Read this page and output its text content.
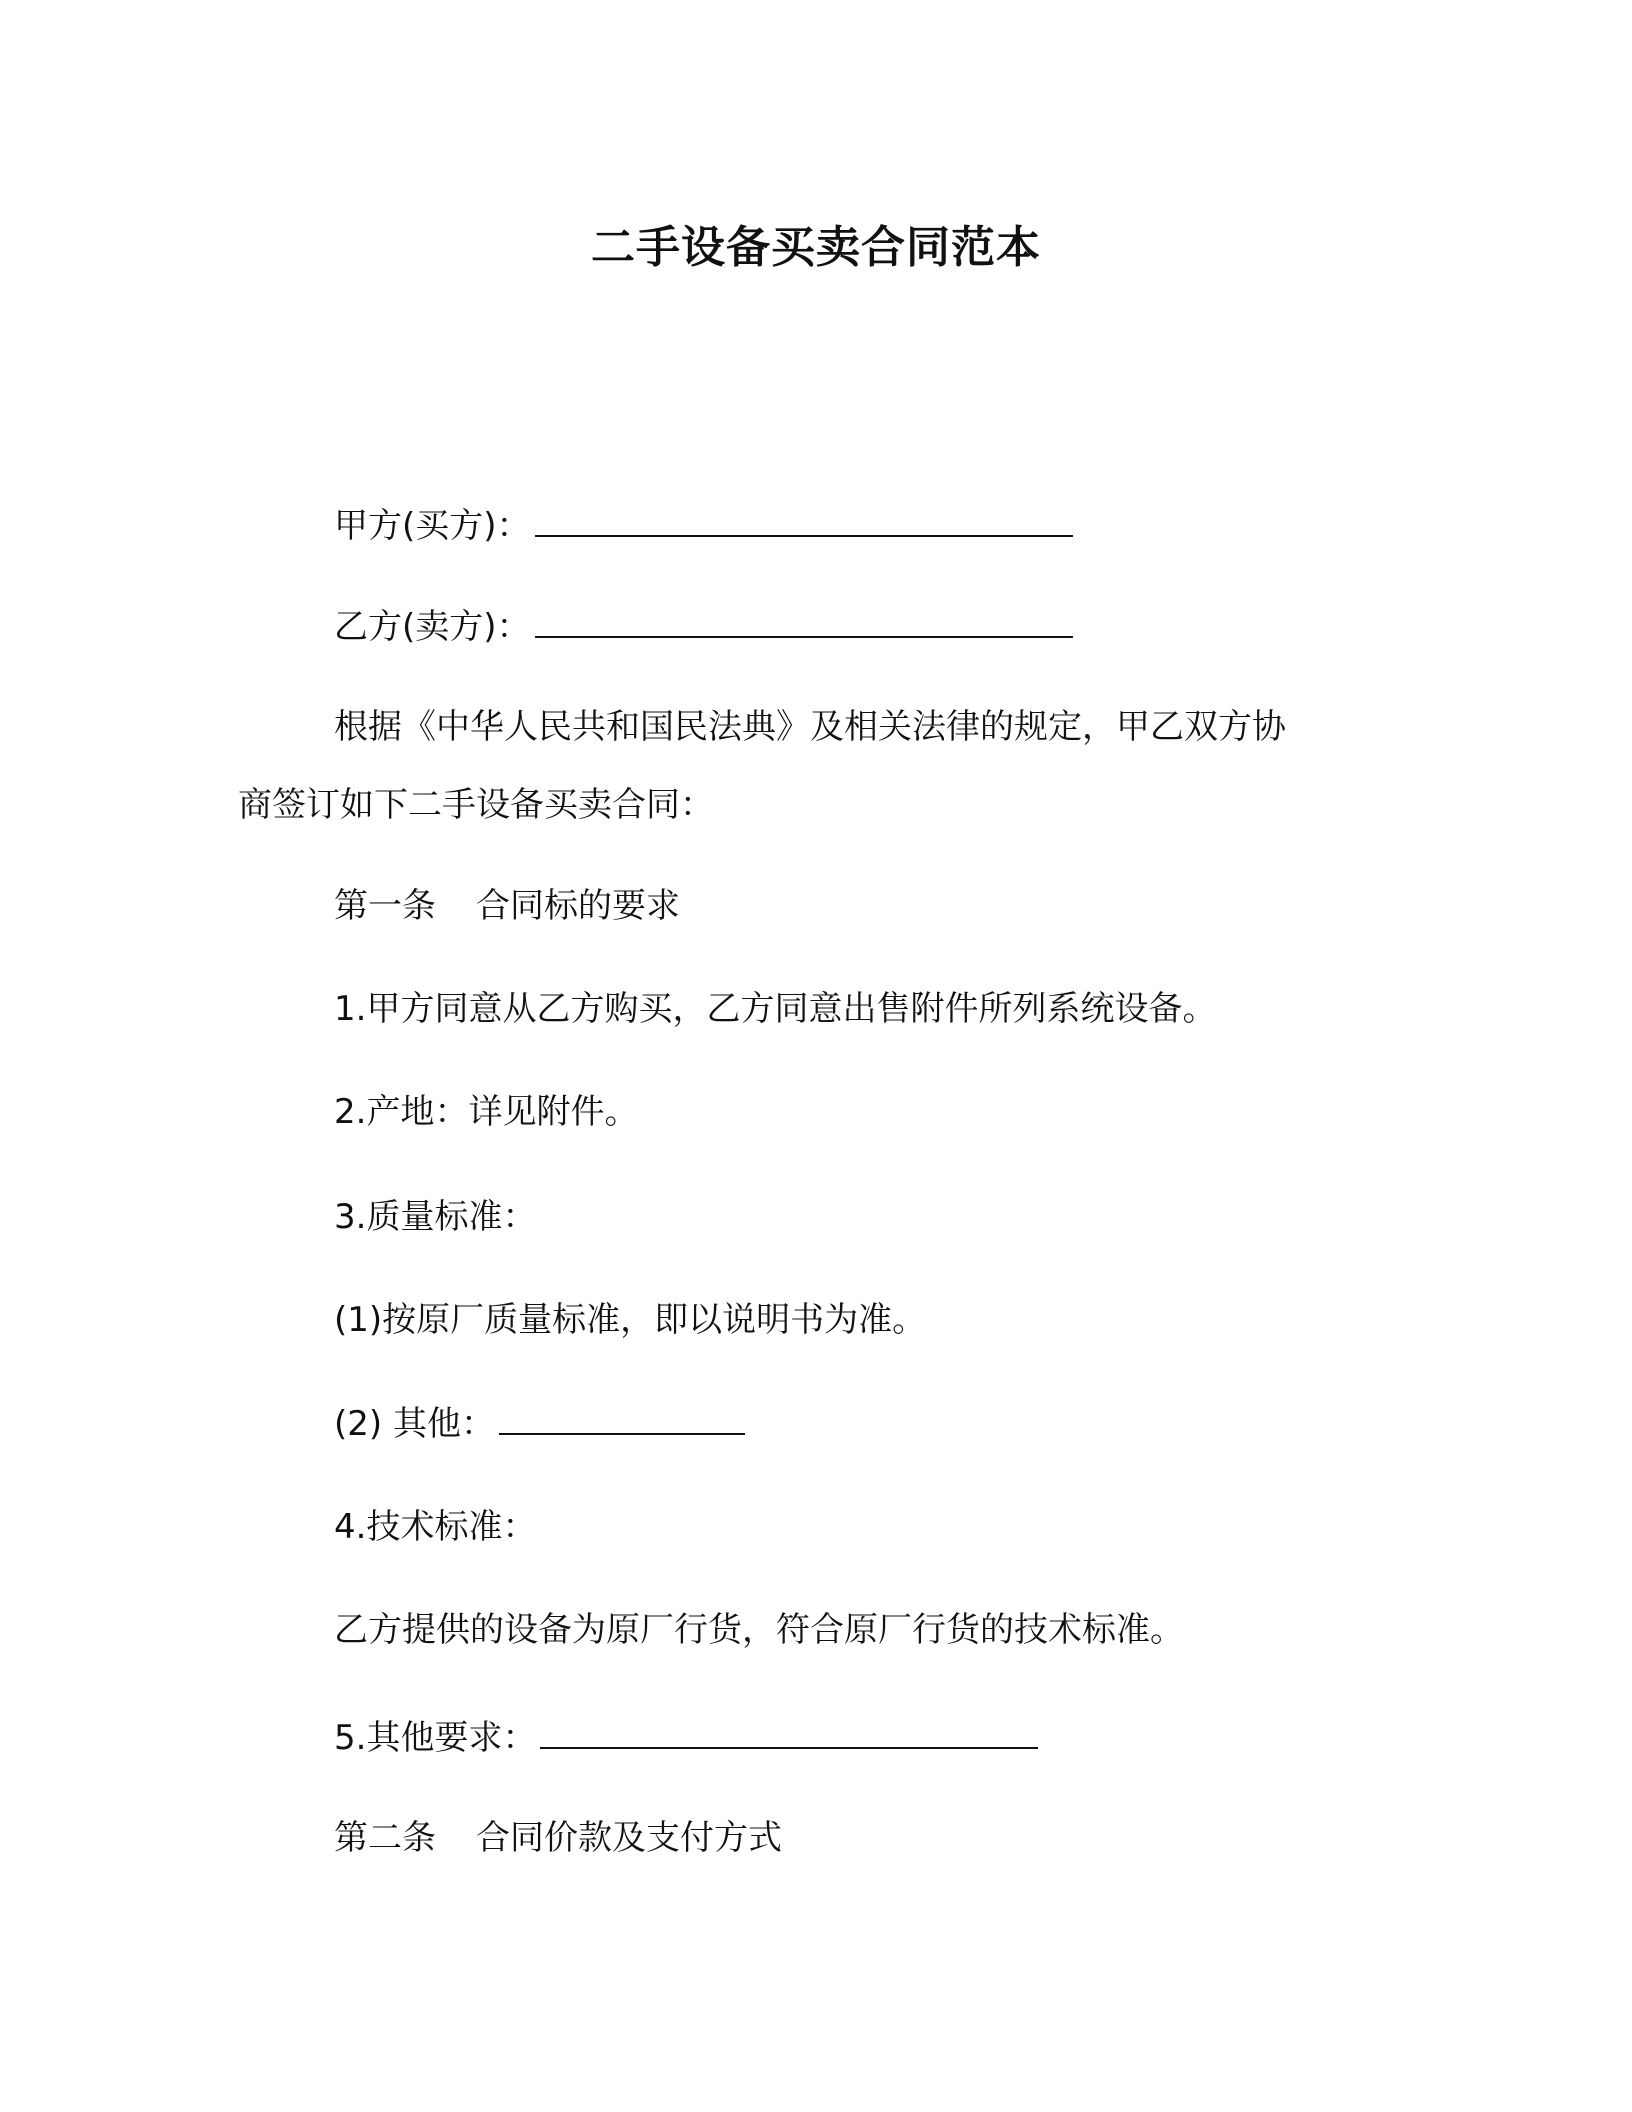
二手设备买卖合同范本
甲方(买方)：
乙方(卖方)：
根据《中华人民共和国民法典》及相关法律的规定，甲乙双方协
商签订如下二手设备买卖合同：
第一条 合同标的要求
1.甲方同意从乙方购买，乙方同意出售附件所列系统设备。
2.产地：详见附件。
3.质量标准：
(1)按原厂质量标准，即以说明书为准。
(2) 其他：
4.技术标准：
乙方提供的设备为原厂行货，符合原厂行货的技术标准。
5.其他要求：
第二条 合同价款及支付方式
